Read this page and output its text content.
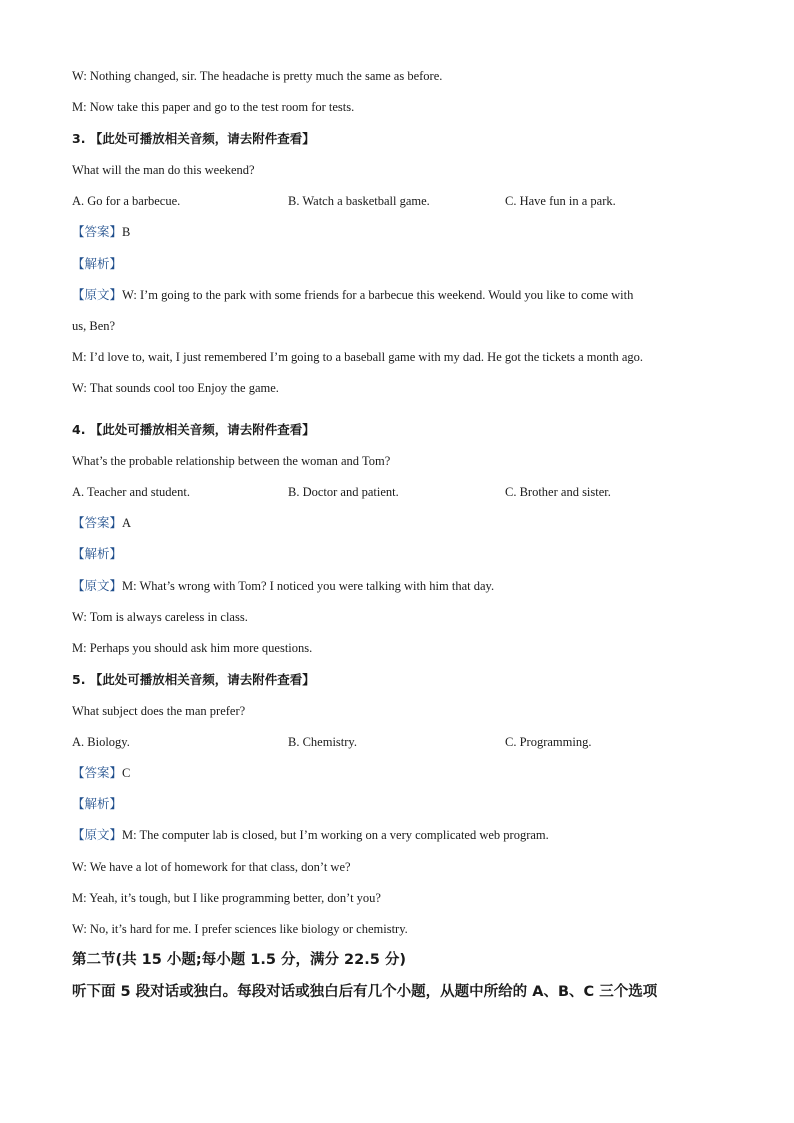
W: Nothing changed, sir. The headache is pretty much the same as before.
M: Now take this paper and go to the test room for tests.
3. 【此处可播放相关音频，请去附件查看】
What will the man do this weekend?
A. Go for a barbecue.	B. Watch a basketball game.	C. Have fun in a park.
【答案】B
【解析】
【原文】W: I’m going to the park with some friends for a barbecue this weekend. Would you like to come with
us, Ben?
M: I’d love to, wait, I just remembered I’m going to a baseball game with my dad. He got the tickets a month ago.
W: That sounds cool too Enjoy the game.
4. 【此处可播放相关音频，请去附件查看】
What’s the probable relationship between the woman and Tom?
A. Teacher and student.	B. Doctor and patient.	C. Brother and sister.
【答案】A
【解析】
【原文】M: What’s wrong with Tom? I noticed you were talking with him that day.
W: Tom is always careless in class.
M: Perhaps you should ask him more questions.
5. 【此处可播放相关音频，请去附件查看】
What subject does the man prefer?
A. Biology.	B. Chemistry.	C. Programming.
【答案】C
【解析】
【原文】M: The computer lab is closed, but I’m working on a very complicated web program.
W: We have a lot of homework for that class, don’t we?
M: Yeah, it’s tough, but I like programming better, don’t you?
W: No, it’s hard for me. I prefer sciences like biology or chemistry.
第二节(共 15 小题;每小题 1.5 分，满分 22.5 分)
听下面 5 段对话或独白。每段对话或独白后有几个小题，从题中所给的 A、B、C 三个选项
